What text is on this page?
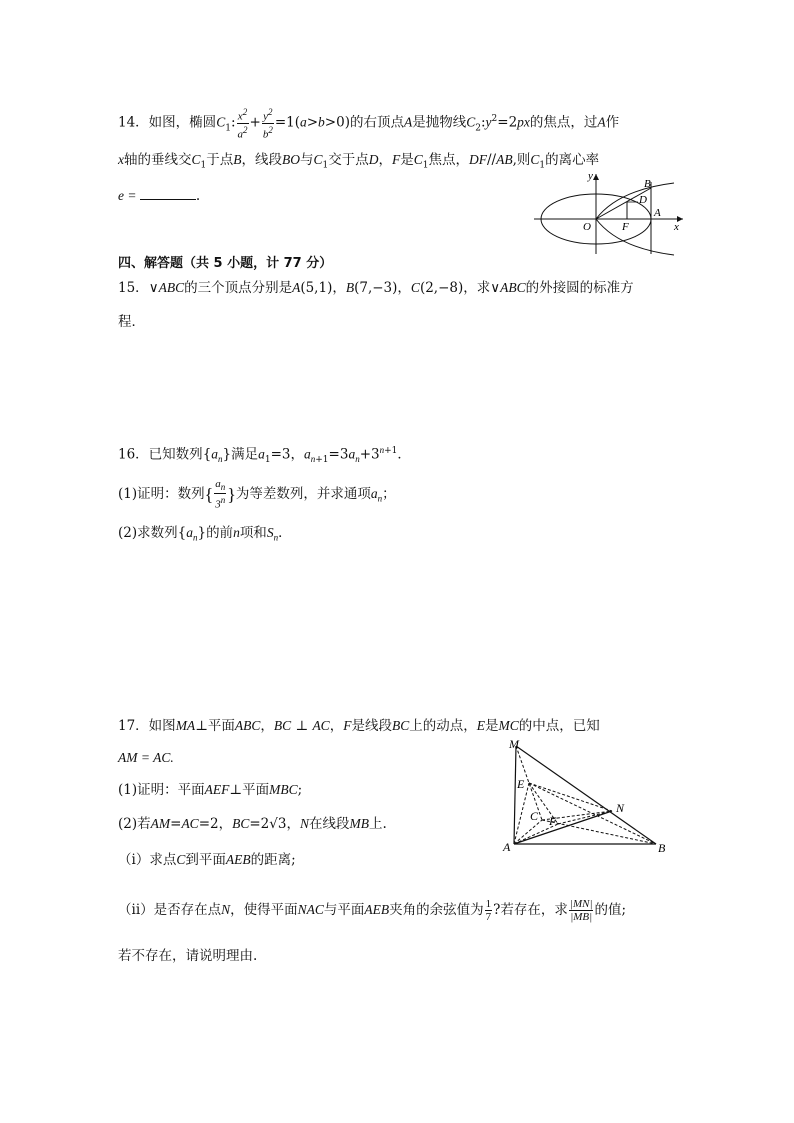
14．如图，椭圆$C_1$: $\frac{x^2}{a^2} + \frac{y^2}{b^2} =1(a>b>0)$的右顶点A是抛物线$C_2:y^2=2px$的焦点，过A作
x轴的垂线交$C_1$于点B，线段BO与$C_1$交于点D，F是$C_1$焦点，DF//AB,则$C_1$的离心率
e =	.
y
x
O	F
A
B
D
四、解答题（共 5 小题，计 77 分）
15．∨ABC的三个顶点分别是A(5,1)，B(7,−3)，C(2,−8)，求∨ABC的外接圆的标准方
程．
16．已知数列$\{a_n\}$满足$a_1=3$，$a_{n+1}=3a_n+3^{n+1}$．
(1)证明：数列{ $\frac{a_n}{3^n}$ }为等差数列，并求通项$a_n$；
(2)求数列$\{a_n\}$的前n项和$S_n$．
17．如图MA⊥平面ABC，BC ⊥ AC，F是线段BC上的动点，E是MC的中点，已知
AM = AC.
(1)证明：平面AEF⊥平面MBC;
(2)若AM=AC=2，BC=2√3，N在线段MB上.
（i）求点C到平面AEB的距离;
（ii）是否存在点N，使得平面NAC与平面AEB夹角的余弦值为 $\frac{1}{7}$ ?若存在，求 $\frac{|MN|}{|MB|}$ 的值;
若不存在，请说明理由.
M
E
N
C F
A	B
